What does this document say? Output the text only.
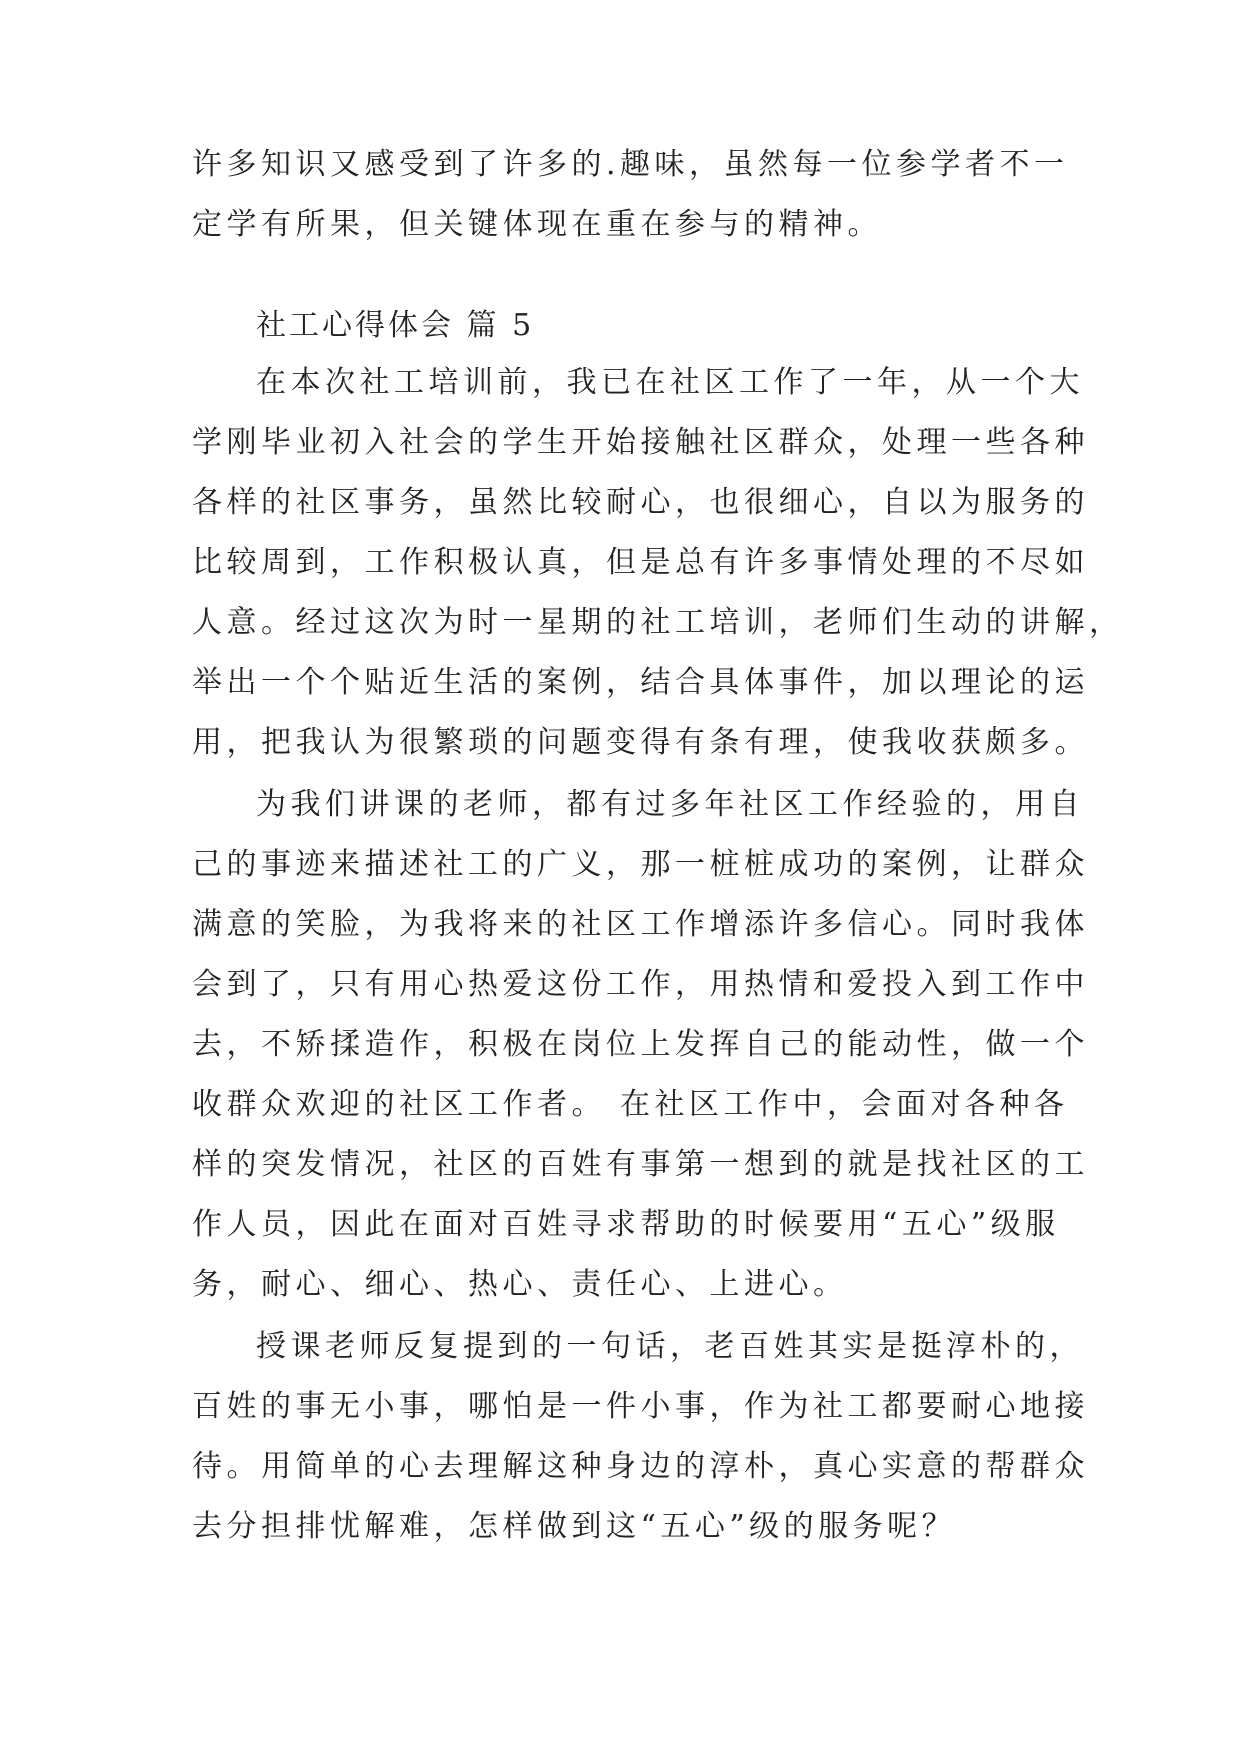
许多知识又感受到了许多的.趣味，虽然每一位参学者不一
定学有所果，但关键体现在重在参与的精神。
社工心得体会 篇 5
在本次社工培训前，我已在社区工作了一年，从一个大
学刚毕业初入社会的学生开始接触社区群众，处理一些各种
各样的社区事务，虽然比较耐心，也很细心，自以为服务的
比较周到，工作积极认真，但是总有许多事情处理的不尽如
人意。经过这次为时一星期的社工培训，老师们生动的讲解，
举出一个个贴近生活的案例，结合具体事件，加以理论的运
用，把我认为很繁琐的问题变得有条有理，使我收获颇多。
为我们讲课的老师，都有过多年社区工作经验的，用自
己的事迹来描述社工的广义，那一桩桩成功的案例，让群众
满意的笑脸，为我将来的社区工作增添许多信心。同时我体
会到了，只有用心热爱这份工作，用热情和爱投入到工作中
去，不矫揉造作，积极在岗位上发挥自己的能动性，做一个
收群众欢迎的社区工作者。 在社区工作中，会面对各种各
样的突发情况，社区的百姓有事第一想到的就是找社区的工
作人员，因此在面对百姓寻求帮助的时候要用“五心”级服
务，耐心、细心、热心、责任心、上进心。
授课老师反复提到的一句话，老百姓其实是挺淳朴的，
百姓的事无小事，哪怕是一件小事，作为社工都要耐心地接
待。用简单的心去理解这种身边的淳朴，真心实意的帮群众
去分担排忧解难，怎样做到这“五心”级的服务呢？
